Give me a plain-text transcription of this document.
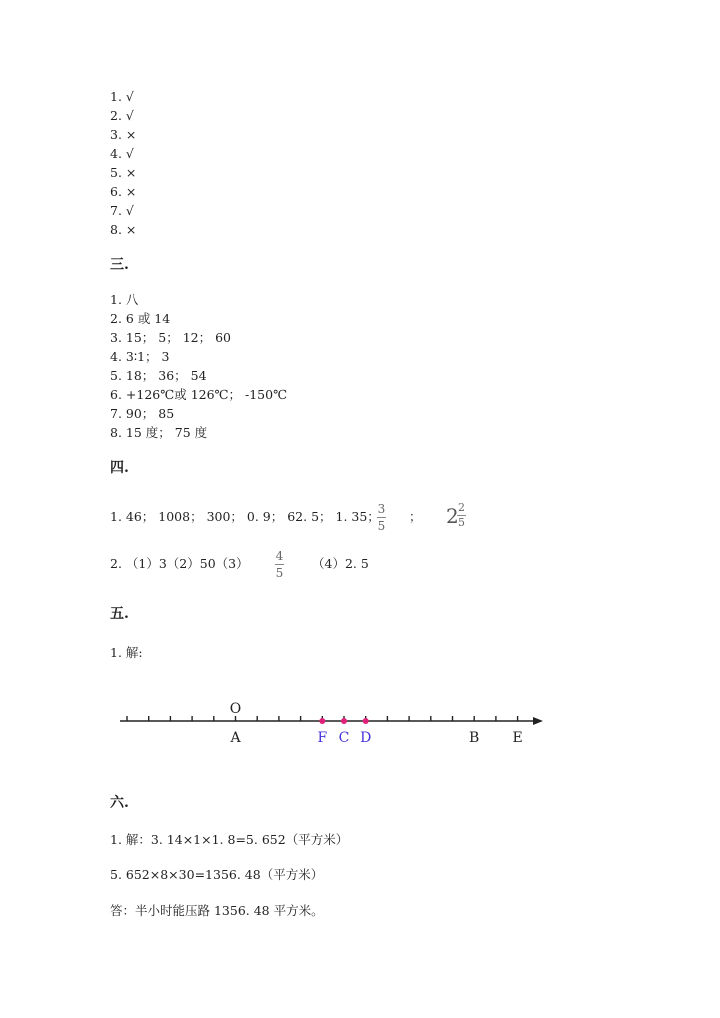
1. √
2. √
3. ×
4. √
5. ×
6. ×
7. √
8. ×
三.
1. 八
2. 6 或 14
3. 15； 5； 12； 60
4. 3∶1； 3
5. 18； 36； 54
6. +126℃或 126℃； -150℃
7. 90； 85
8. 15 度； 75 度
四.
1. 46； 1008； 300； 0. 9； 62. 5； 1. 35；
3
5
； 2 2
5
2. （1）3（2）50（3） 4
5
（4）2. 5
五.
1. 解:
A	F C D	B E
O
六.
1. 解：3. 14×1×1. 8=5. 652（平方米）
5. 652×8×30=1356. 48（平方米）
答：半小时能压路 1356. 48 平方米。
